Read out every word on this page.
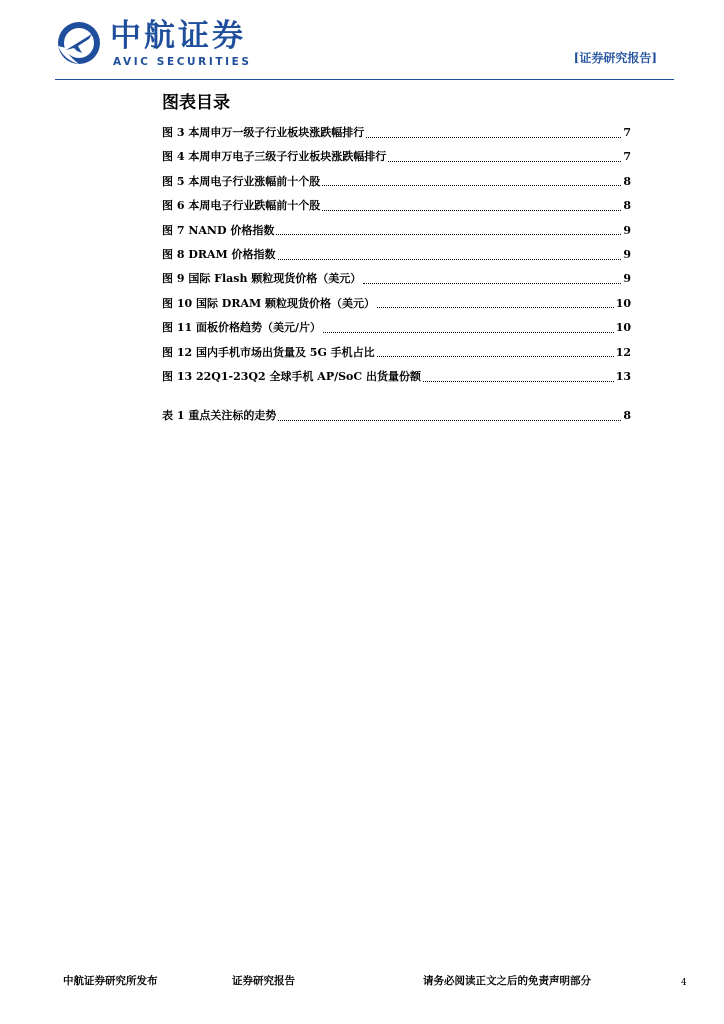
中航证券
AVIC SECURITIES	[证券研究报告]
图表目录
图 3 本周申万一级子行业板块涨跌幅排行	7
图 4 本周申万电子三级子行业板块涨跌幅排行	7
图 5 本周电子行业涨幅前十个股	8
图 6 本周电子行业跌幅前十个股	8
图 7 NAND 价格指数	9
图 8 DRAM 价格指数	9
图 9 国际 Flash 颗粒现货价格（美元）	9
图 10 国际 DRAM 颗粒现货价格（美元）	10
图 11 面板价格趋势（美元/片）	10
图 12 国内手机市场出货量及 5G 手机占比	12
图 13 22Q1-23Q2 全球手机 AP/SoC 出货量份额	13
表 1 重点关注标的走势	8
中航证券研究所发布	证券研究报告	请务必阅读正文之后的免责声明部分	4
